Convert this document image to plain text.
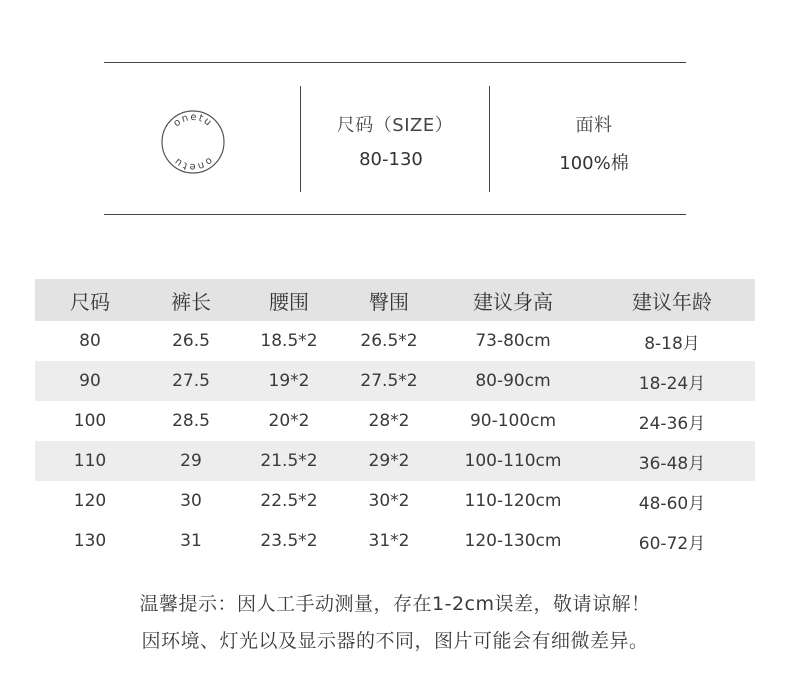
onetu
onetu
尺码（SIZE）
80-130
面料
100%棉
尺码	裤长	腰围	臀围	建议身高	建议年龄
80	26.5	18.5*2	26.5*2	73-80cm	8-18月
90	27.5	19*2	27.5*2	80-90cm	18-24月
100	28.5	20*2	28*2	90-100cm	24-36月
110	29	21.5*2	29*2	100-110cm	36-48月
120	30	22.5*2	30*2	110-120cm	48-60月
130	31	23.5*2	31*2	120-130cm	60-72月
温馨提示：因人工手动测量，存在1-2cm误差，敬请谅解！
因环境、灯光以及显示器的不同，图片可能会有细微差异。
